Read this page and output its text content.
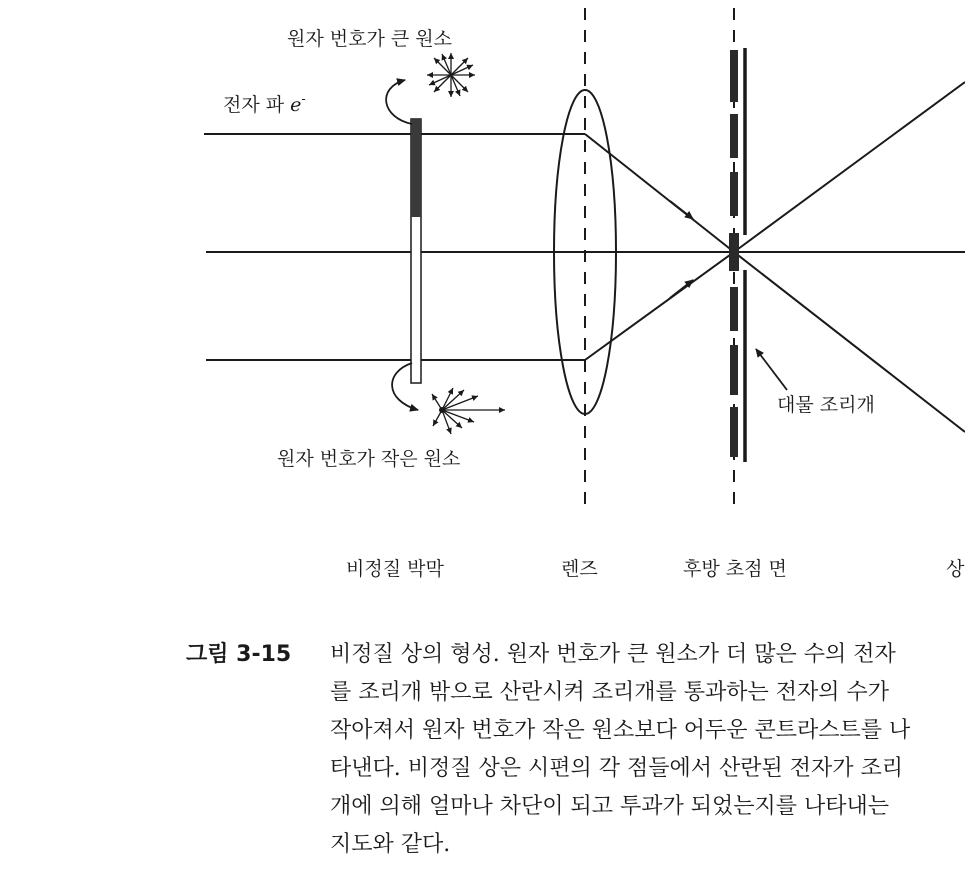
원자 번호가 큰 원소
전자 파 e-
원자 번호가 작은 원소
대물 조리개
비정질 박막	렌즈	후방 초점 면	상
그림 3-15 비정질 상의 형성. 원자 번호가 큰 원소가 더 많은 수의 전자
를 조리개 밖으로 산란시켜 조리개를 통과하는 전자의 수가
작아져서 원자 번호가 작은 원소보다 어두운 콘트라스트를 나
타낸다. 비정질 상은 시편의 각 점들에서 산란된 전자가 조리
개에 의해 얼마나 차단이 되고 투과가 되었는지를 나타내는
지도와 같다.
